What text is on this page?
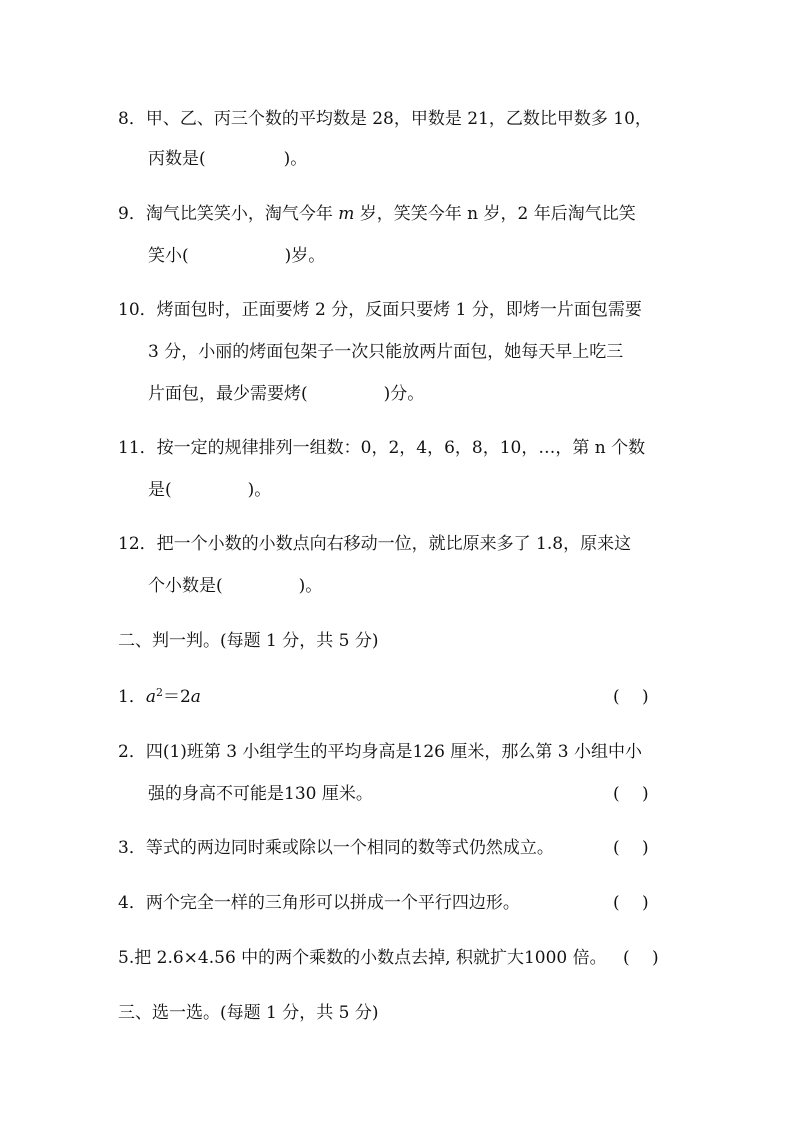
8．甲、乙、丙三个数的平均数是 28，甲数是 21，乙数比甲数多 10，
丙数是(	)。
9．淘气比笑笑小，淘气今年 m 岁，笑笑今年 n 岁，2 年后淘气比笑
笑小(	)岁。
10．烤面包时，正面要烤 2 分，反面只要烤 1 分，即烤一片面包需要
3 分，小丽的烤面包架子一次只能放两片面包，她每天早上吃三
片面包，最少需要烤(	)分。
11．按一定的规律排列一组数：0，2，4，6，8，10，…，第 n 个数
是(	)。
12．把一个小数的小数点向右移动一位，就比原来多了 1.8，原来这
个小数是(	)。
二、判一判。(每题 1 分，共 5 分)
1．$a^2=2a$	(　 )
2．四(1)班第 3 小组学生的平均身高是126 厘米，那么第 3 小组中小
强的身高不可能是130 厘米。	(　 )
3．等式的两边同时乘或除以一个相同的数等式仍然成立。	(　 )
4．两个完全一样的三角形可以拼成一个平行四边形。	(　 )
5.把 2.6×4.56 中的两个乘数的小数点去掉, 积就扩大1000 倍。 (　 )
三、选一选。(每题 1 分，共 5 分)
